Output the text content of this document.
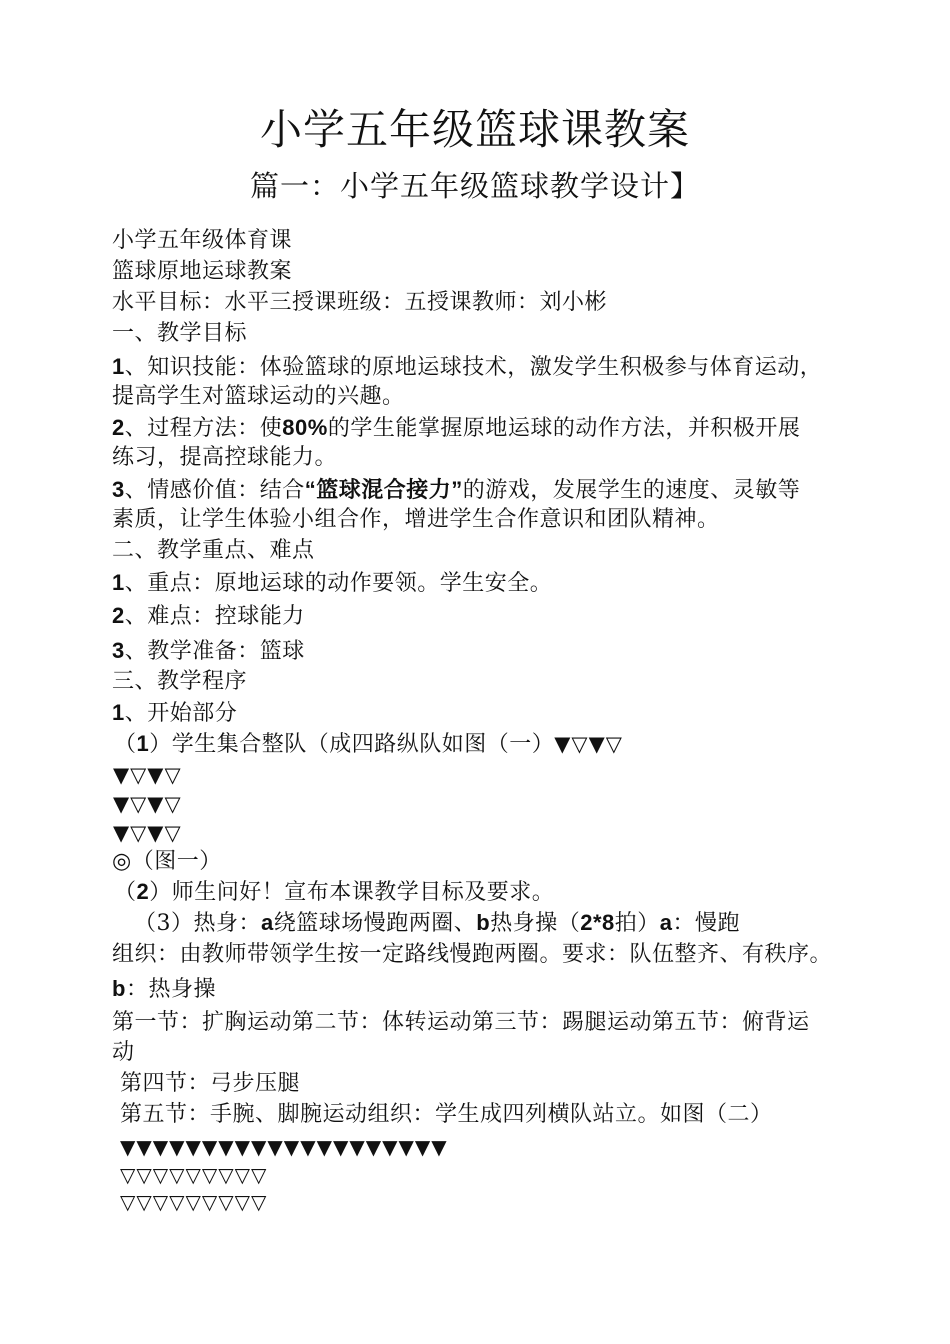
小学五年级篮球课教案
篇一：小学五年级篮球教学设计】
小学五年级体育课
篮球原地运球教案
水平目标：水平三授课班级：五授课教师：刘小彬
一、教学目标
1、知识技能：体验篮球的原地运球技术，激发学生积极参与体育运动，
提高学生对篮球运动的兴趣。
2、过程方法：使80%的学生能掌握原地运球的动作方法，并积极开展
练习，提高控球能力。
3、情感价值：结合“篮球混合接力”的游戏，发展学生的速度、灵敏等
素质，让学生体验小组合作，增进学生合作意识和团队精神。
二、教学重点、难点
1、重点：原地运球的动作要领。学生安全。
2、难点：控球能力
3、教学准备：篮球
三、教学程序
1、开始部分
（1）学生集合整队（成四路纵队如图（一）▼▽▼▽
▼▽▼▽
▼▽▼▽
▼▽▼▽
◎（图一）
（2）师生问好！宣布本课教学目标及要求。
（3）热身：a绕篮球场慢跑两圈、b热身操（2*8拍）a：慢跑
组织：由教师带领学生按一定路线慢跑两圈。要求：队伍整齐、有秩序。
b：热身操
第一节：扩胸运动第二节：体转运动第三节：踢腿运动第五节：俯背运
动
第四节：弓步压腿
第五节：手腕、脚腕运动组织：学生成四列横队站立。如图（二）
▼▼▼▼▼▼▼▼▼▼▼▼▼▼▼▼▼▼▼▼
▽▽▽▽▽▽▽▽▽
▽▽▽▽▽▽▽▽▽
